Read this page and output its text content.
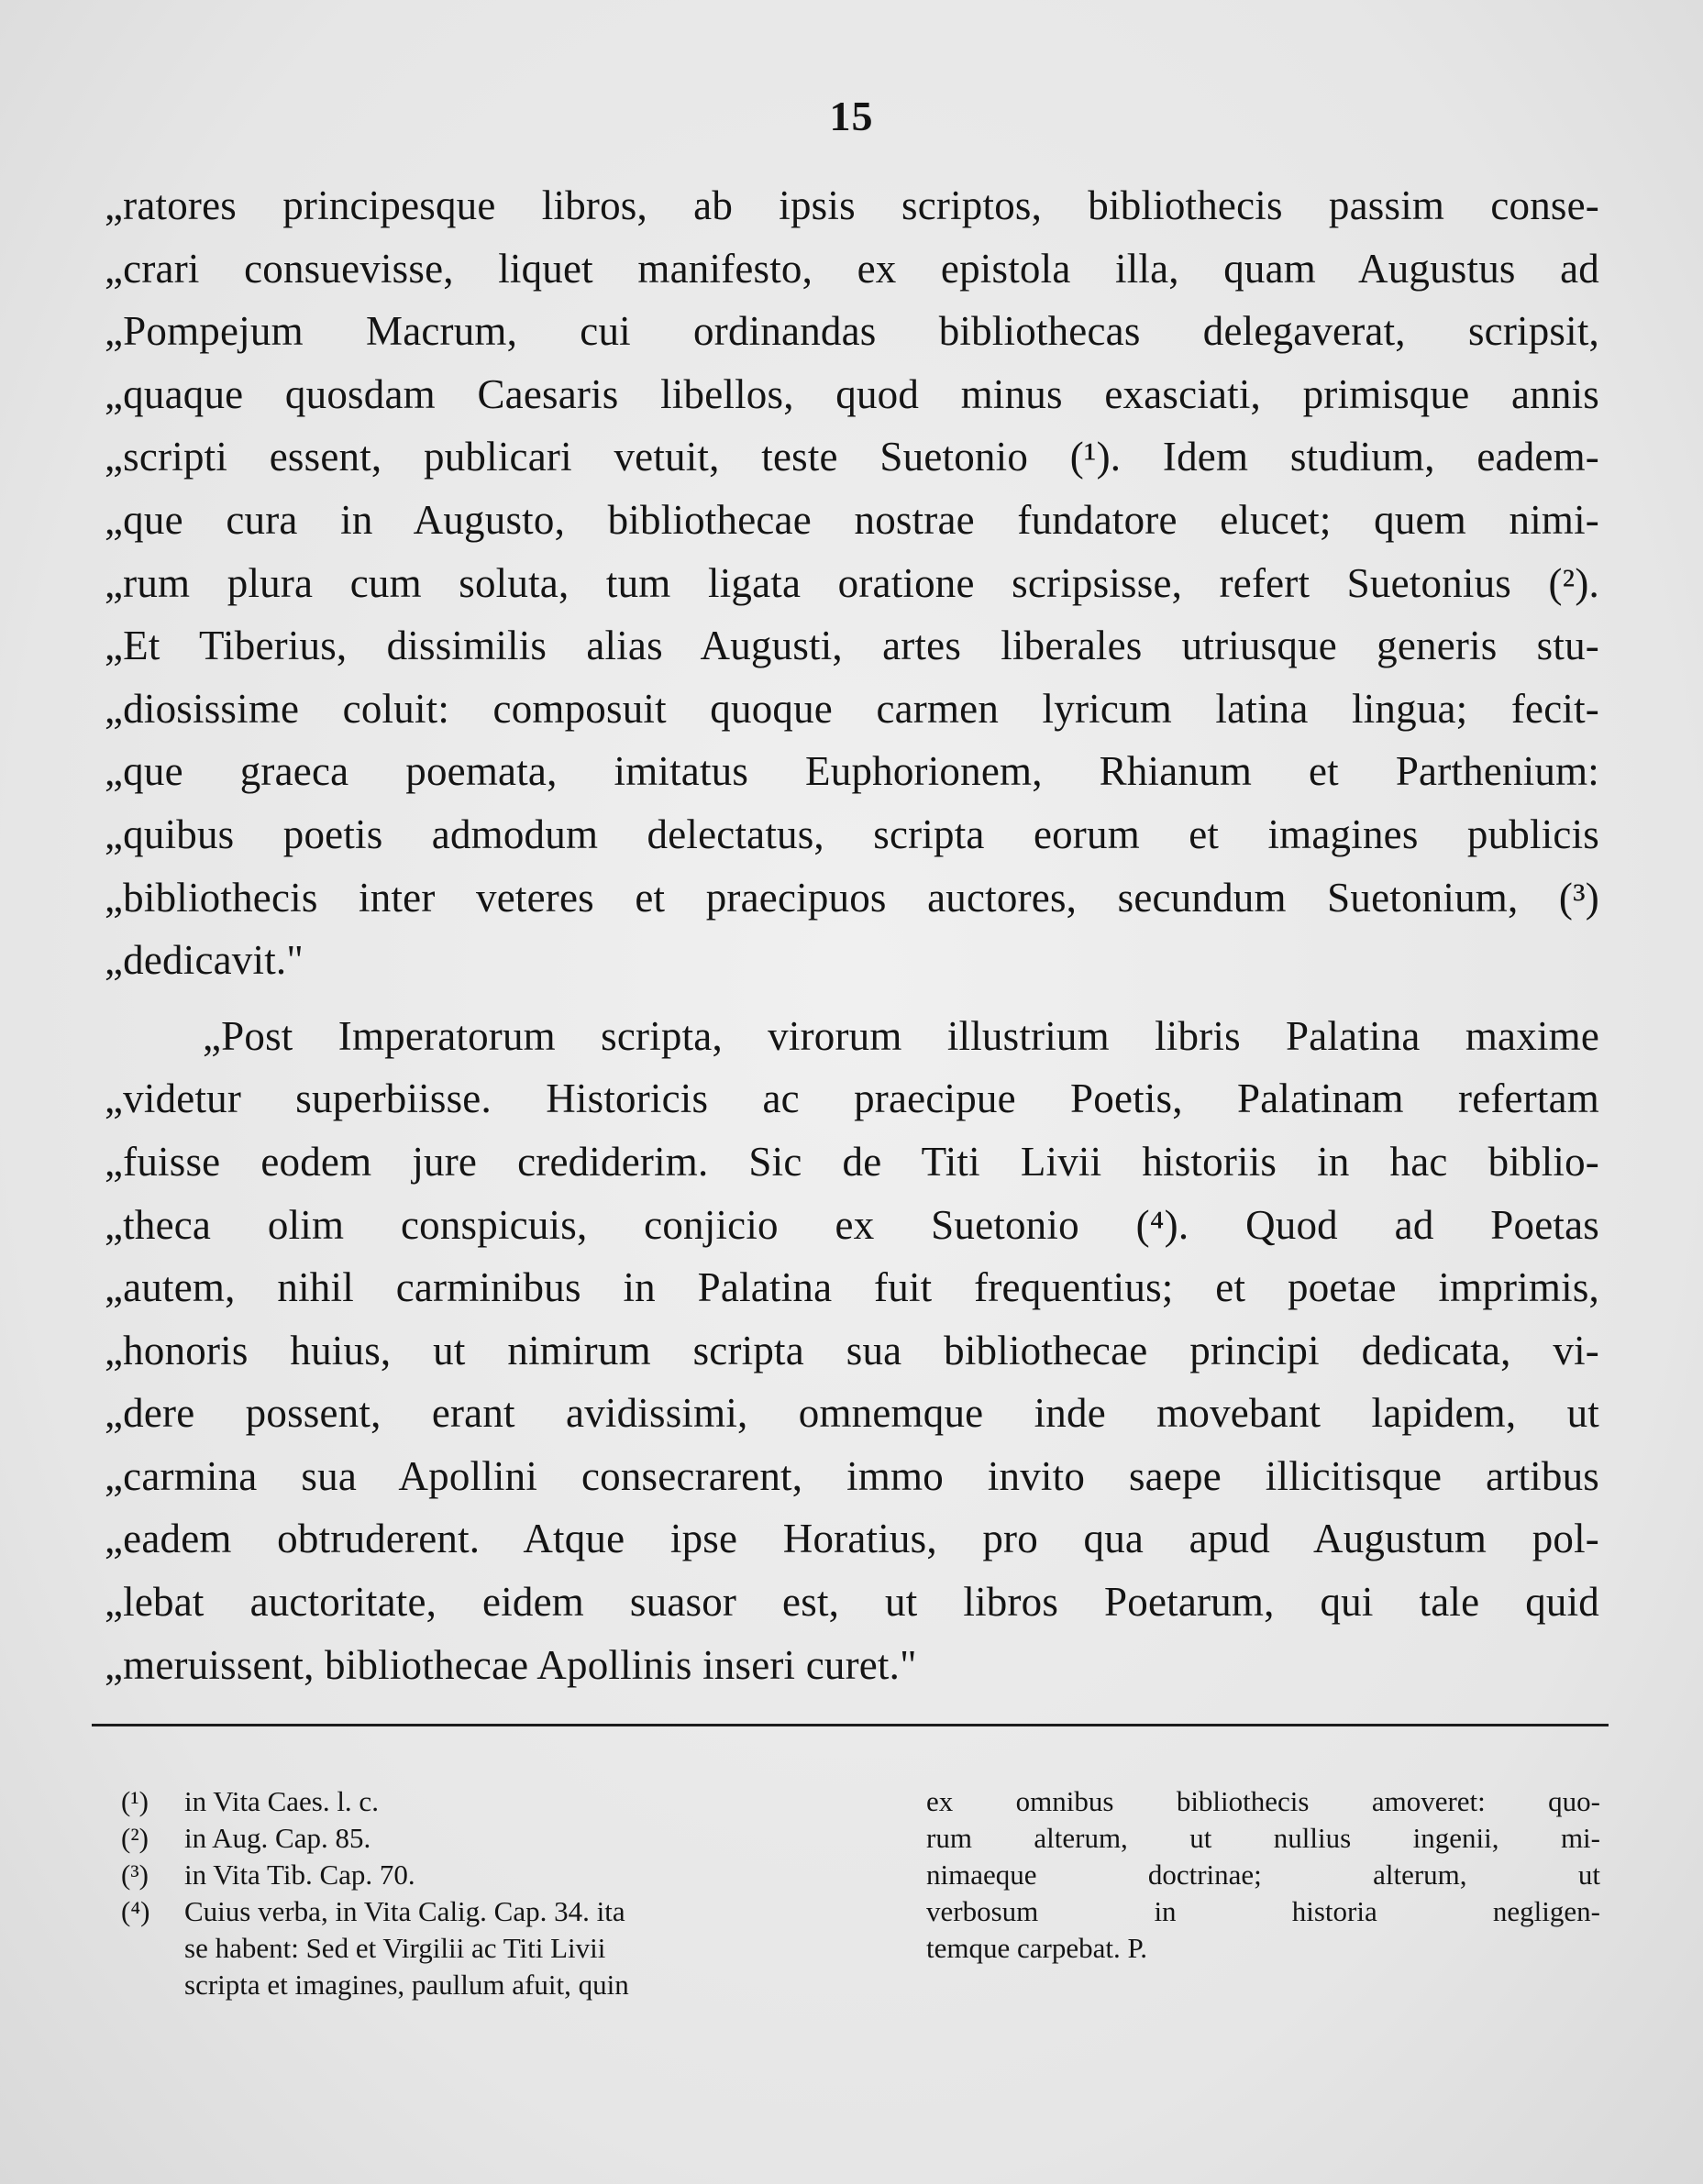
15
„ratores principesque libros, ab ipsis scriptos, bibliothecis passim conse-
„crari consuevisse, liquet manifesto, ex epistola illa, quam Augustus ad
„Pompejum Macrum, cui ordinandas bibliothecas delegaverat, scripsit,
„quaque quosdam Caesaris libellos, quod minus exasciati, primisque annis
„scripti essent, publicari vetuit, teste Suetonio (¹). Idem studium, eadem-
„que cura in Augusto, bibliothecae nostrae fundatore elucet; quem nimi-
„rum plura cum soluta, tum ligata oratione scripsisse, refert Suetonius (²).
„Et Tiberius, dissimilis alias Augusti, artes liberales utriusque generis stu-
„diosissime coluit: composuit quoque carmen lyricum latina lingua; fecit-
„que graeca poemata, imitatus Euphorionem, Rhianum et Parthenium:
„quibus poetis admodum delectatus, scripta eorum et imagines publicis
„bibliothecis inter veteres et praecipuos auctores, secundum Suetonium, (³)
„dedicavit."
„Post Imperatorum scripta, virorum illustrium libris Palatina maxime
„videtur superbiisse. Historicis ac praecipue Poetis, Palatinam refertam
„fuisse eodem jure crediderim. Sic de Titi Livii historiis in hac biblio-
„theca olim conspicuis, conjicio ex Suetonio (⁴). Quod ad Poetas
„autem, nihil carminibus in Palatina fuit frequentius; et poetae imprimis,
„honoris huius, ut nimirum scripta sua bibliothecae principi dedicata, vi-
„dere possent, erant avidissimi, omnemque inde movebant lapidem, ut
„carmina sua Apollini consecrarent, immo invito saepe illicitisque artibus
„eadem obtruderent. Atque ipse Horatius, pro qua apud Augustum pol-
„lebat auctoritate, eidem suasor est, ut libros Poetarum, qui tale quid
„meruissent, bibliothecae Apollinis inseri curet."
(¹) in Vita Caes. l. c.
(²) in Aug. Cap. 85.
(³) in Vita Tib. Cap. 70.
(⁴) Cuius verba, in Vita Calig. Cap. 34. ita
se habent: Sed et Virgilii ac Titi Livii
scripta et imagines, paullum afuit, quin
ex omnibus bibliothecis amoveret: quo-
rum alterum, ut nullius ingenii, mi-
nimaeque doctrinae; alterum, ut
verbosum in historia negligen-
temque carpebat. P.
